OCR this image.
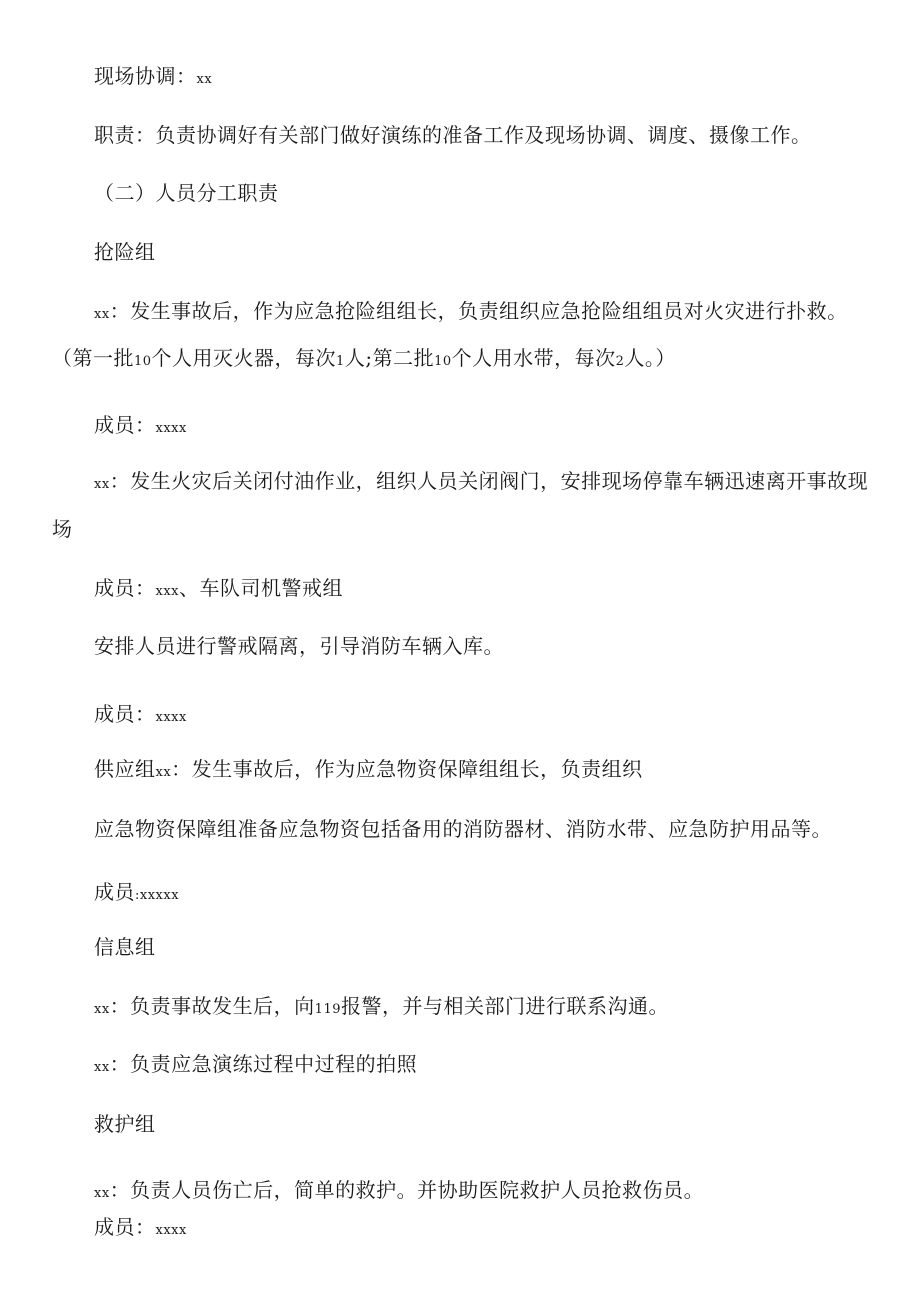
现场协调：xx
职责：负责协调好有关部门做好演练的准备工作及现场协调、调度、摄像工作。
（二）人员分工职责
抢险组
xx：发生事故后，作为应急抢险组组长，负责组织应急抢险组组员对火灾进行扑救。
（第一批10个人用灭火器，每次1人;第二批10个人用水带，每次2人。）
成员：xxxx
xx：发生火灾后关闭付油作业，组织人员关闭阀门，安排现场停靠车辆迅速离开事故现
场
成员：xxx、车队司机警戒组
安排人员进行警戒隔离，引导消防车辆入库。
成员：xxxx
供应组xx：发生事故后，作为应急物资保障组组长，负责组织
应急物资保障组准备应急物资包括备用的消防器材、消防水带、应急防护用品等。
成员:xxxxx
信息组
xx：负责事故发生后，向119报警，并与相关部门进行联系沟通。
xx：负责应急演练过程中过程的拍照
救护组
xx：负责人员伤亡后，简单的救护。并协助医院救护人员抢救伤员。
成员：xxxx
